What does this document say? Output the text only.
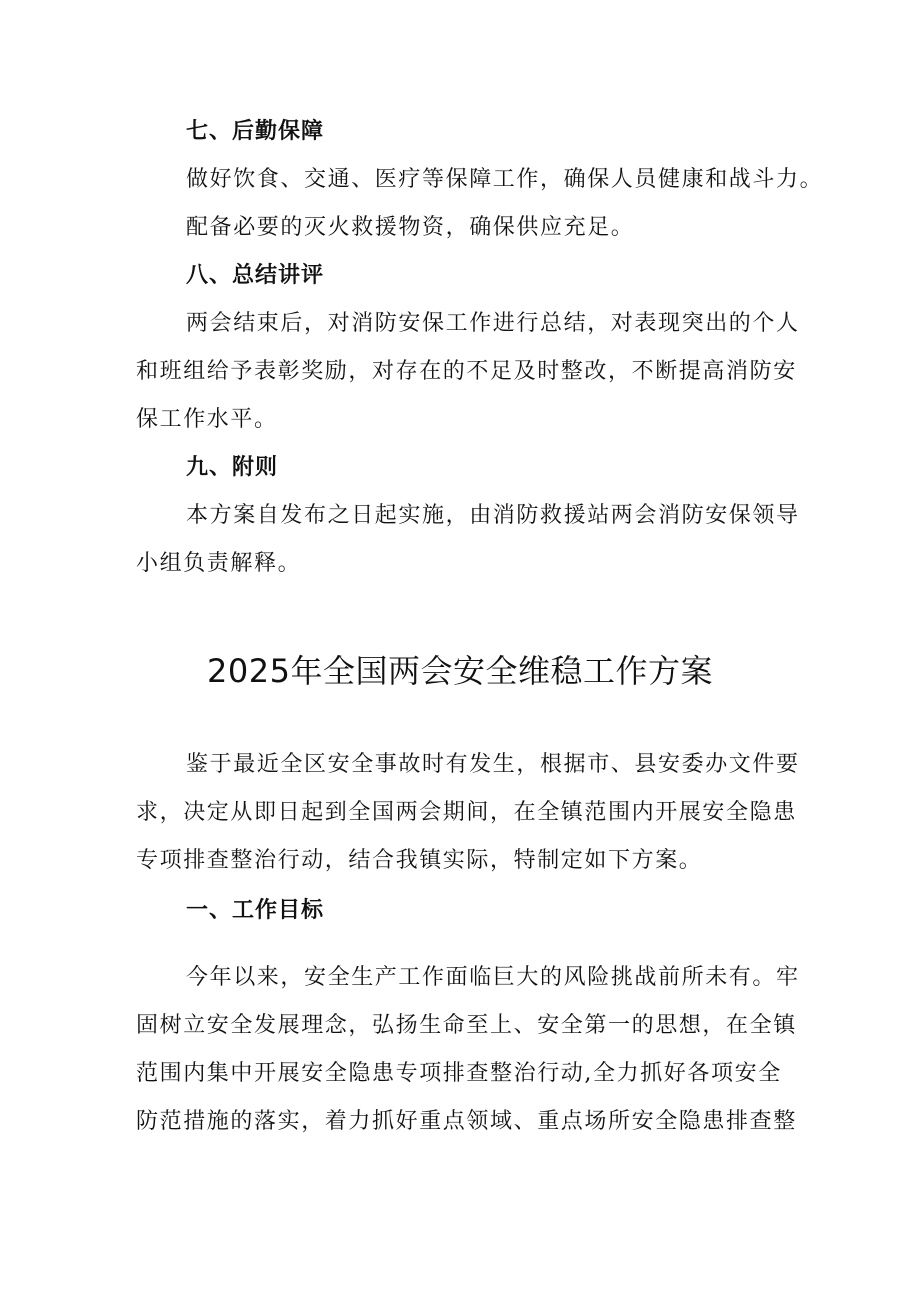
七、后勤保障
做好饮食、交通、医疗等保障工作，确保人员健康和战斗力。
配备必要的灭火救援物资，确保供应充足。
八、总结讲评
两会结束后，对消防安保工作进行总结，对表现突出的个人
和班组给予表彰奖励，对存在的不足及时整改，不断提高消防安
保工作水平。
九、附则
本方案自发布之日起实施，由消防救援站两会消防安保领导
小组负责解释。
2025年全国两会安全维稳工作方案
鉴于最近全区安全事故时有发生，根据市、县安委办文件要
求，决定从即日起到全国两会期间，在全镇范围内开展安全隐患
专项排查整治行动，结合我镇实际，特制定如下方案。
一、工作目标
今年以来，安全生产工作面临巨大的风险挑战前所未有。牢
固树立安全发展理念，弘扬生命至上、安全第一的思想，在全镇
范围内集中开展安全隐患专项排查整治行动,全力抓好各项安全
防范措施的落实，着力抓好重点领域、重点场所安全隐患排查整
